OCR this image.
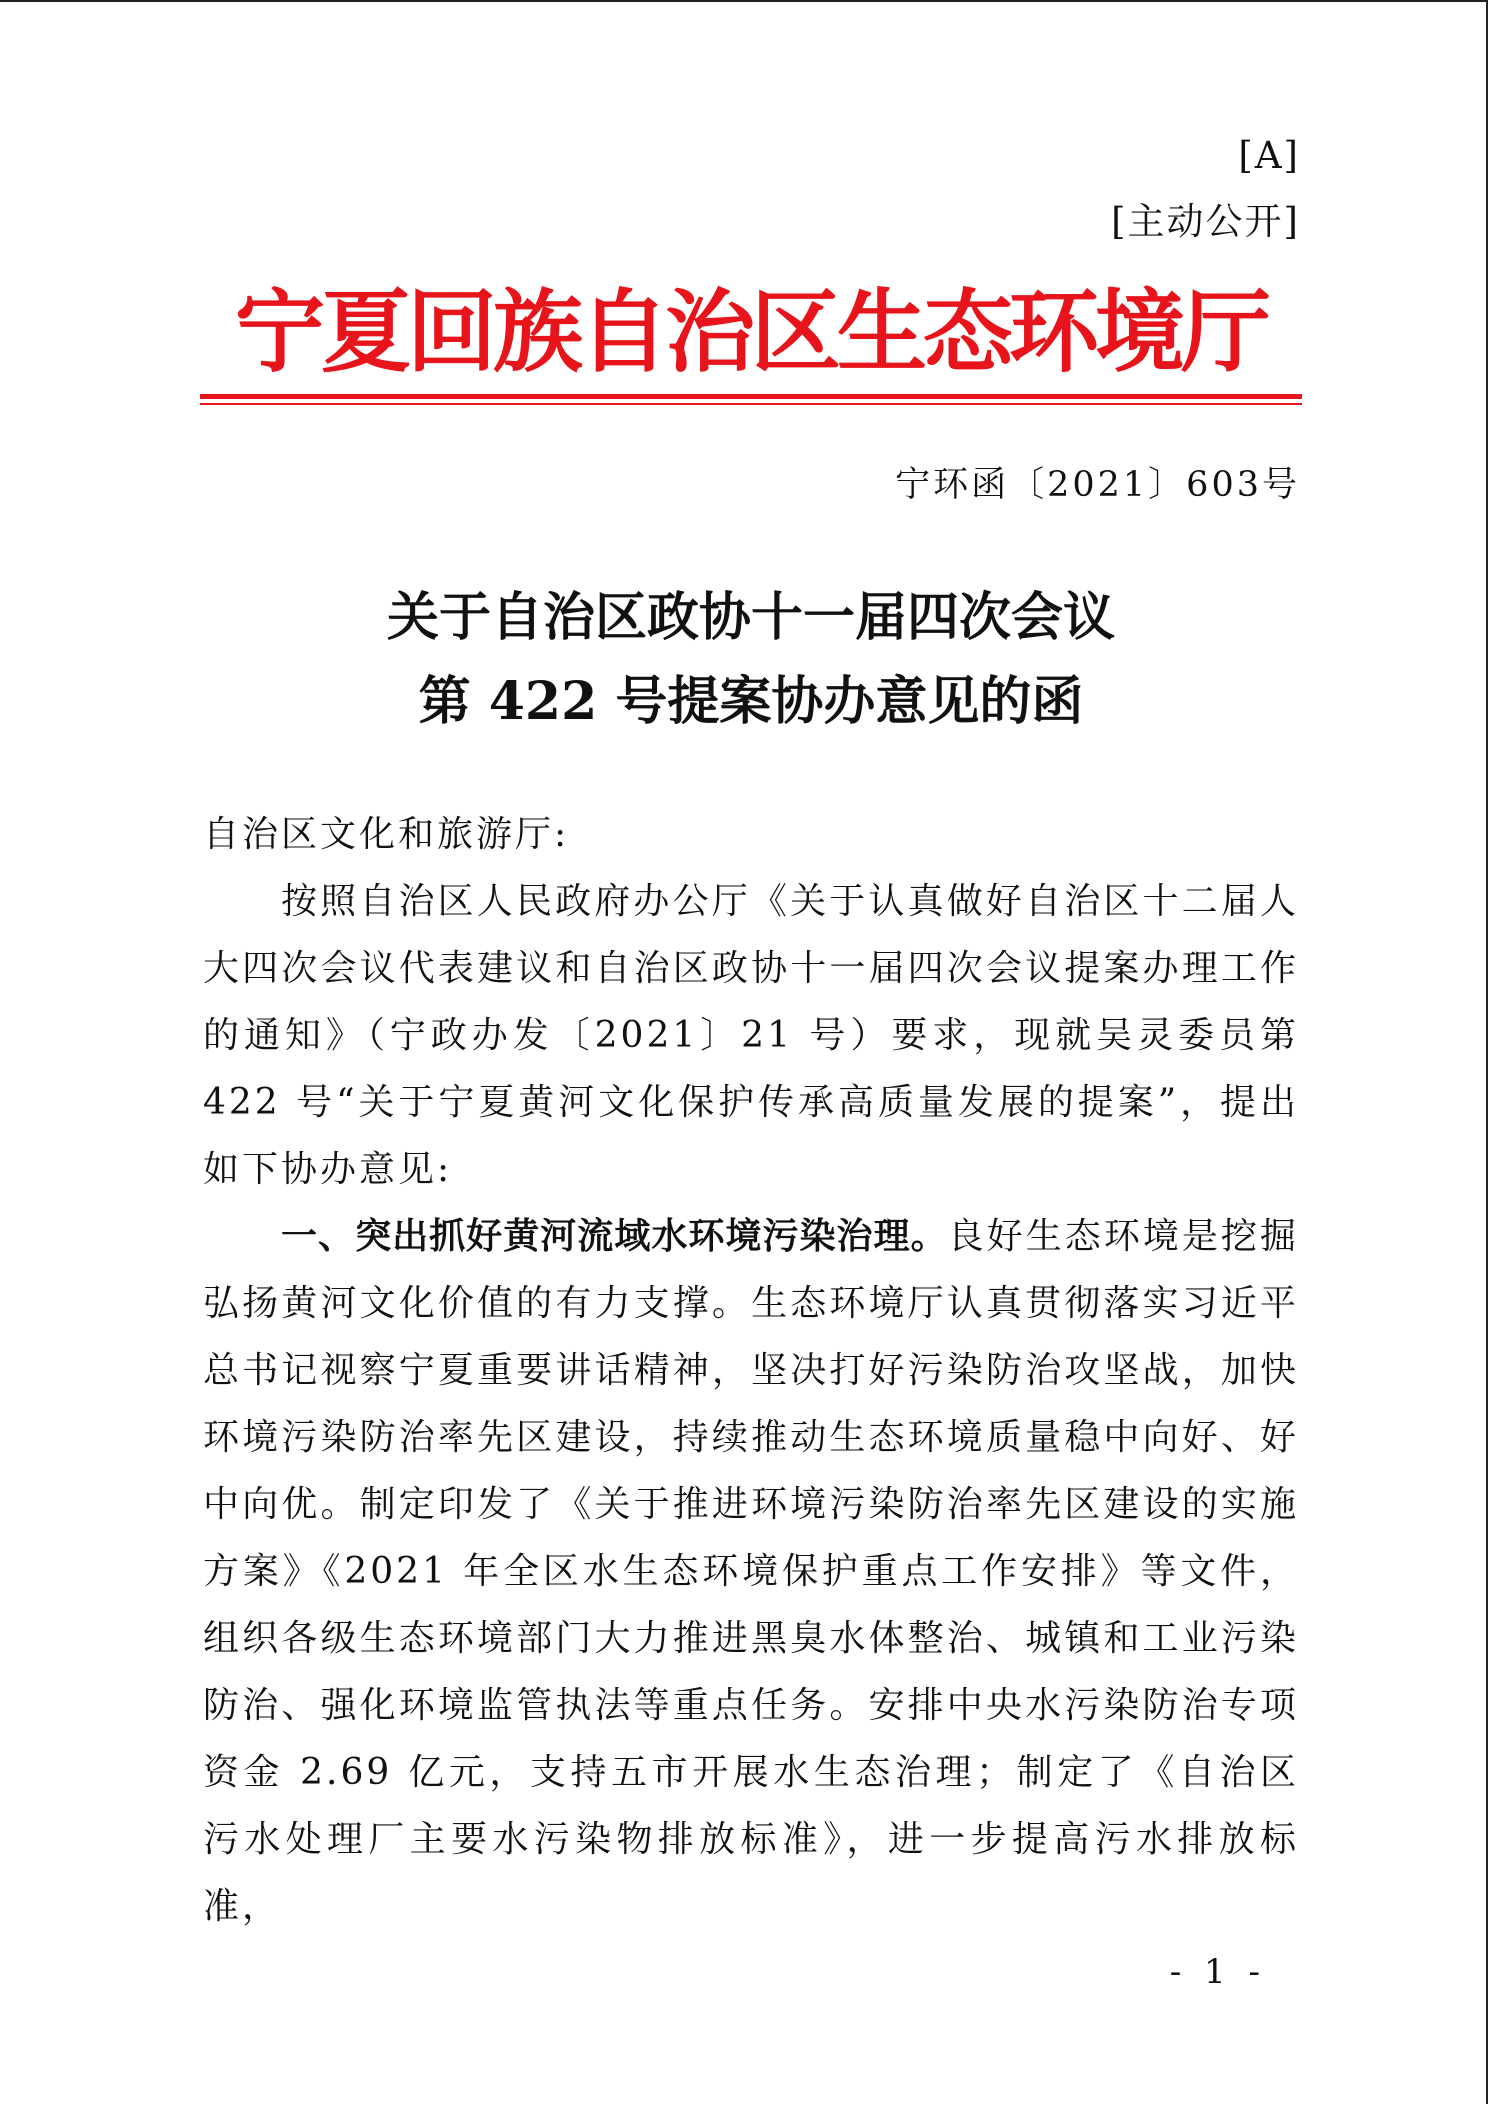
[A]
[主动公开]
宁夏回族自治区生态环境厅
宁环函〔2021〕603号
关于自治区政协十一届四次会议
第 422 号提案协办意见的函

自治区文化和旅游厅:

按照自治区人民政府办公厅《关于认真做好自治区十二届人大四次会议代表建议和自治区政协十一届四次会议提案办理工作的通知》（宁政办发〔2021〕21 号）要求，现就吴灵委员第 422 号“关于宁夏黄河文化保护传承高质量发展的提案”，提出如下协办意见:

一、突出抓好黄河流域水环境污染治理。良好生态环境是挖掘弘扬黄河文化价值的有力支撑。生态环境厅认真贯彻落实习近平总书记视察宁夏重要讲话精神，坚决打好污染防治攻坚战，加快环境污染防治率先区建设，持续推动生态环境质量稳中向好、好中向优。制定印发了《关于推进环境污染防治率先区建设的实施方案》《2021 年全区水生态环境保护重点工作安排》等文件，组织各级生态环境部门大力推进黑臭水体整治、城镇和工业污染防治、强化环境监管执法等重点任务。安排中央水污染防治专项资金 2.69 亿元，支持五市开展水生态治理；制定了《自治区污水处理厂主要水污染物排放标准》，进一步提高污水排放标准，

- 1 -
